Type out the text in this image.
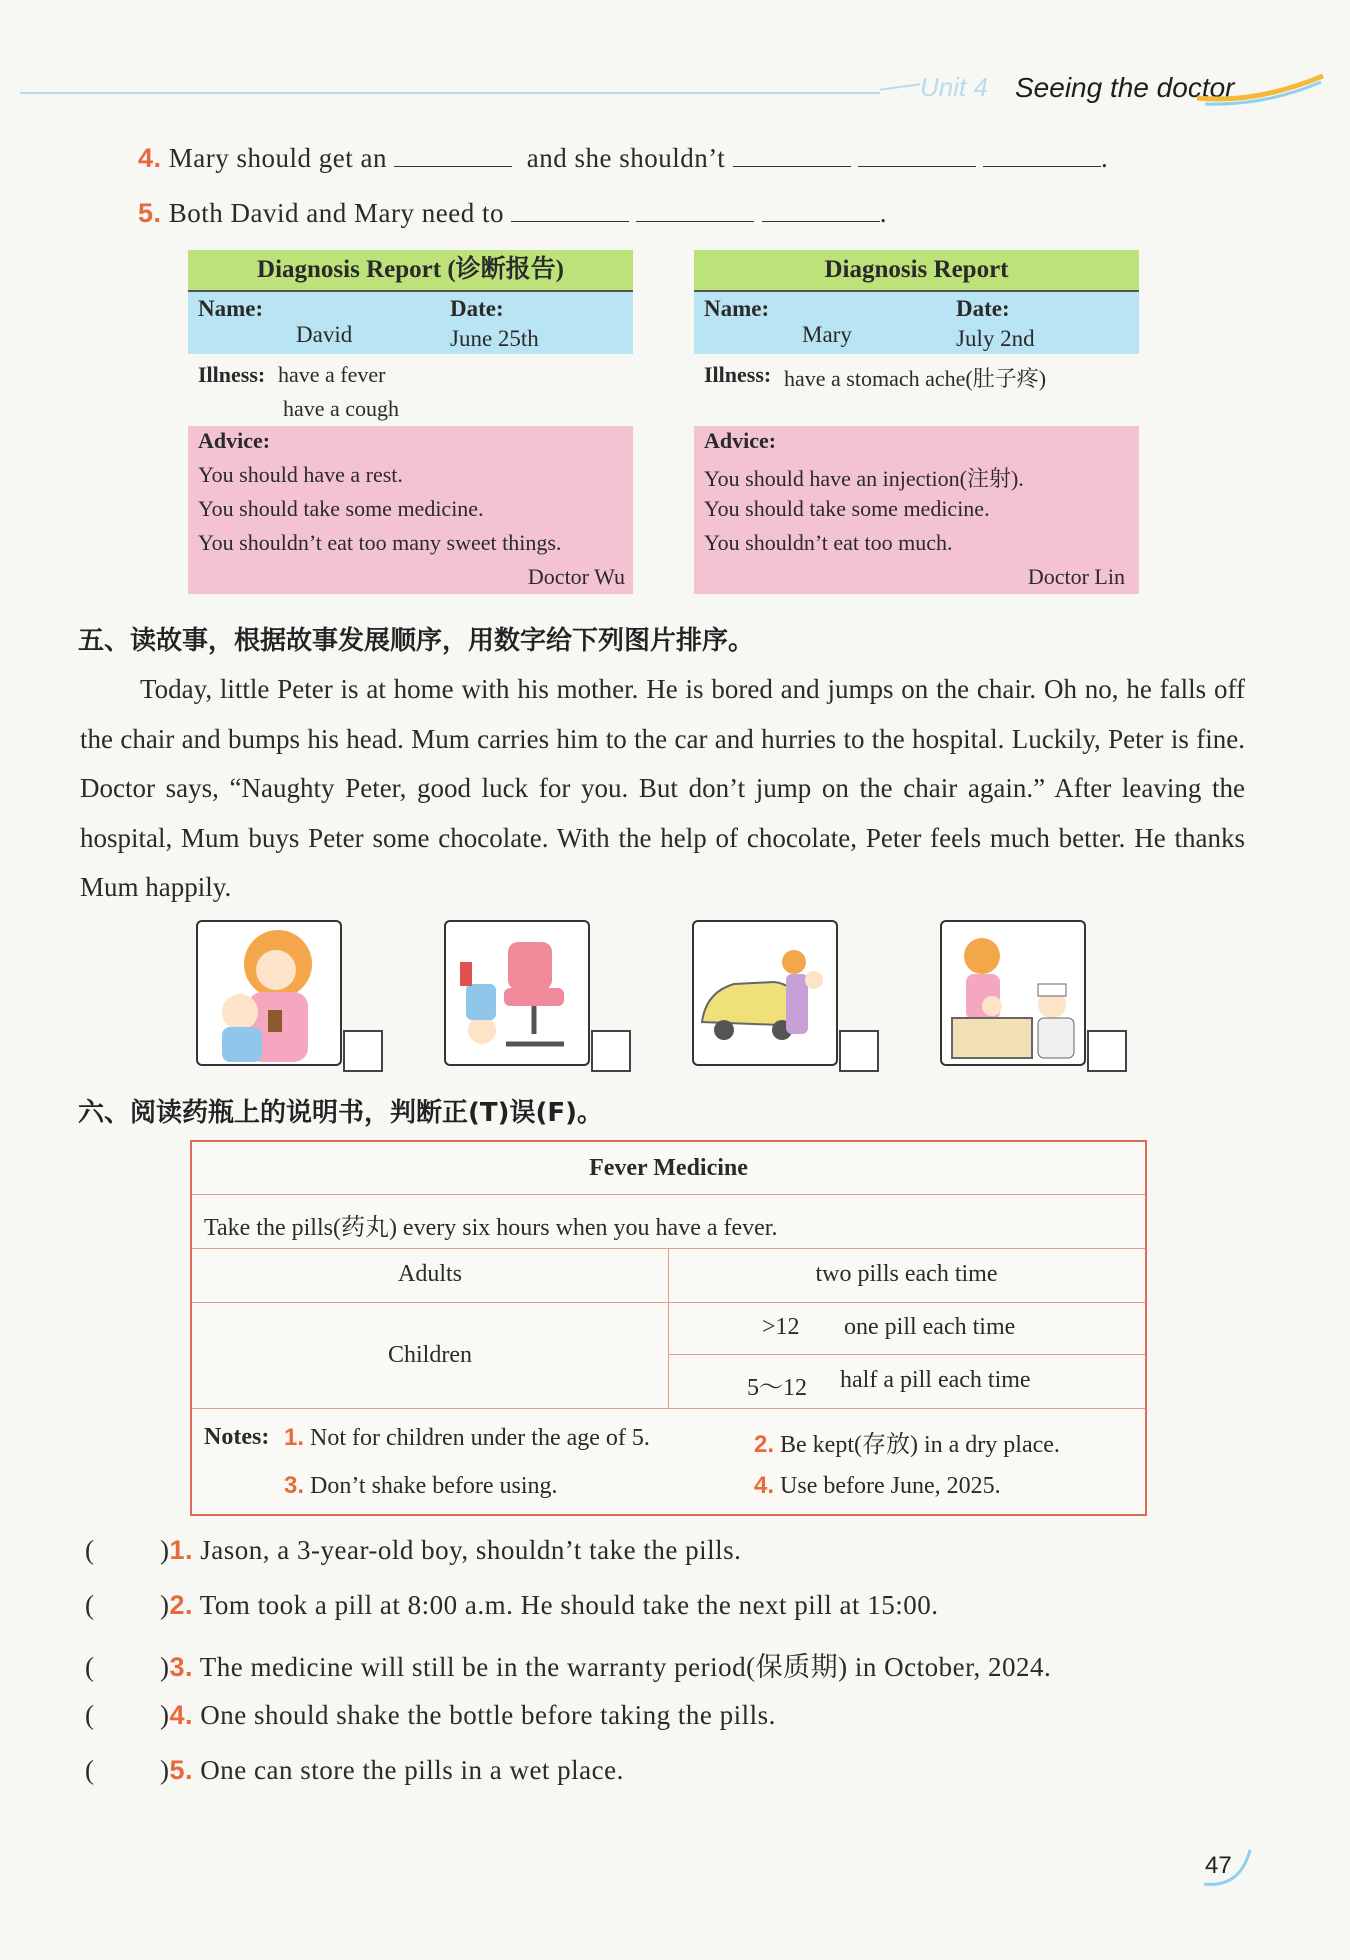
Unit 4 Seeing the doctor
4. Mary should get an	and she shouldn’t	.
5. Both David and Mary need to	.
Diagnosis Report (诊断报告)
Name:
David
Date:
June 25th
Illness: have a fever
have a cough
Advice:
You should have a rest.
You should take some medicine.
You shouldn’t eat too many sweet things.
Doctor Wu
Diagnosis Report
Name:
Mary
Date:
July 2nd
Illness: have a stomach ache(肚子疼)
Advice:
You should have an injection(注射).
You should take some medicine.
You shouldn’t eat too much.
Doctor Lin
五、读故事，根据故事发展顺序，用数字给下列图片排序。

Today, little Peter is at home with his mother. He is bored and jumps on the chair. Oh no, he falls off the chair and bumps his head. Mum carries him to the car and hurries to the hospital. Luckily, Peter is fine. Doctor says, “Naughty Peter, good luck for you. But don’t jump on the chair again.” After leaving the hospital, Mum buys Peter some chocolate. With the help of chocolate, Peter feels much better. He thanks Mum happily.

六、阅读药瓶上的说明书，判断正(T)误(F)。
Fever Medicine
Take the pills(药丸) every six hours when you have a fever.
Adults	two pills each time
Children
>12 one pill each time
5～12 half a pill each time
Notes: 1. Not for children under the age of 5.	2. Be kept(存放) in a dry place.
3. Don’t shake before using.	4. Use before June, 2025.
( )1. Jason, a 3-year-old boy, shouldn’t take the pills.
( )2. Tom took a pill at 8:00 a.m. He should take the next pill at 15:00.
( )3. The medicine will still be in the warranty period(保质期) in October, 2024.
( )4. One should shake the bottle before taking the pills.
( )5. One can store the pills in a wet place.
47
